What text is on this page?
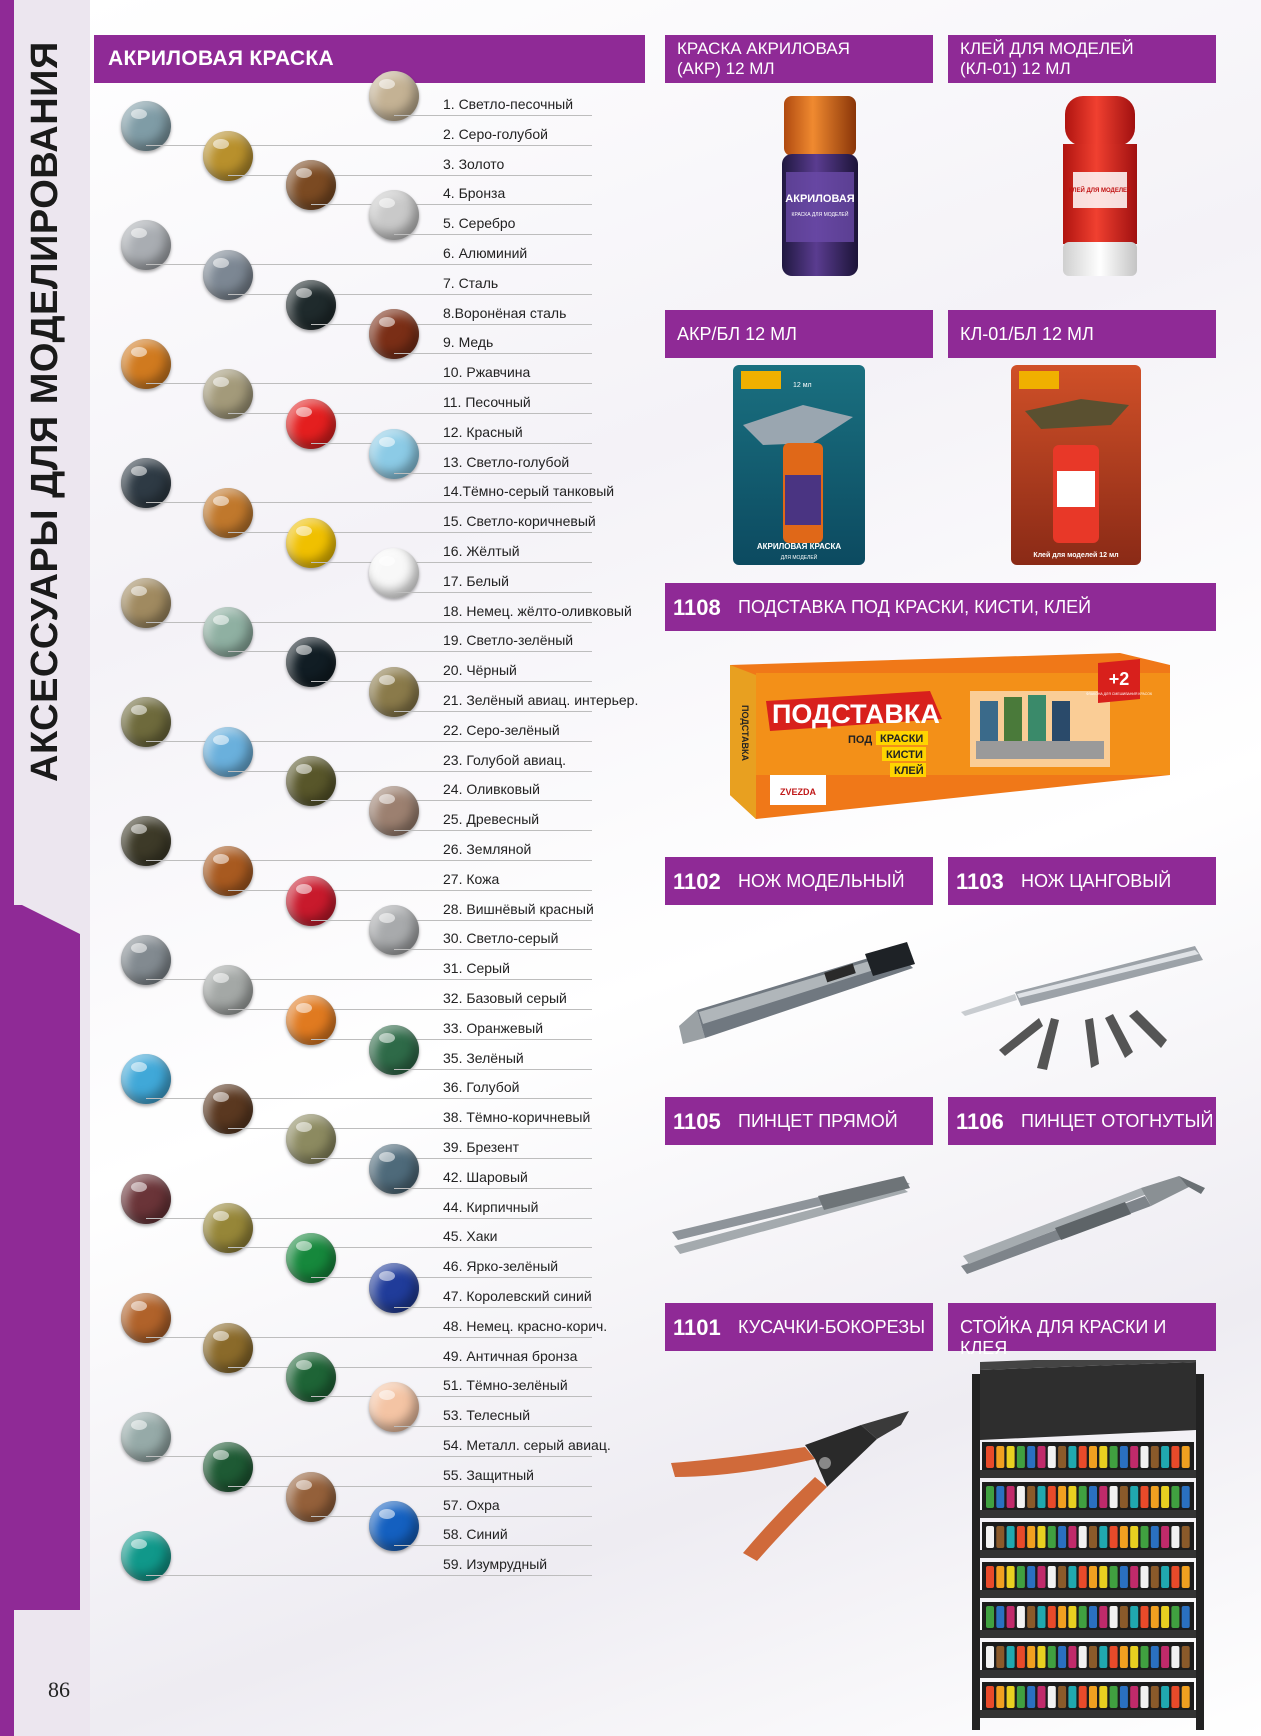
АКСЕССУАРЫ ДЛЯ МОДЕЛИРОВАНИЯ
86
АКРИЛОВАЯ КРАСКА
1. Светло-песочный
2. Серо-голубой
3. Золото
4. Бронза
5. Серебро
6. Алюминий
7. Сталь
8.Воронёная сталь
9. Медь
10. Ржавчина
11. Песочный
12. Красный
13. Светло-голубой
14.Тёмно-серый танковый
15. Светло-коричневый
16. Жёлтый
17. Белый
18. Немец. жёлто-оливковый
19. Светло-зелёный
20. Чёрный
21. Зелёный авиац. интерьер.
22. Серо-зелёный
23. Голубой авиац.
24. Оливковый
25. Древесный
26. Земляной
27. Кожа
28. Вишнёвый красный
30. Светло-серый
31. Серый
32. Базовый серый
33. Оранжевый
35. Зелёный
36. Голубой
38. Тёмно-коричневый
39. Брезент
42. Шаровый
44. Кирпичный
45. Хаки
46. Ярко-зелёный
47. Королевский синий
48. Немец. красно-корич.
49. Античная бронза
51. Тёмно-зелёный
53. Телесный
54. Металл. серый авиац.
55. Защитный
57. Охра
58. Синий
59. Изумрудный
КРАСКА АКРИЛОВАЯ
(АКР) 12 МЛ
КЛЕЙ ДЛЯ МОДЕЛЕЙ
(КЛ-01) 12 МЛ
АКР/БЛ 12 МЛ	КЛ-01/БЛ 12 МЛ
1108 ПОДСТАВКА ПОД КРАСКИ, КИСТИ, КЛЕЙ
1102 НОЖ МОДЕЛЬНЫЙ 1103 НОЖ ЦАНГОВЫЙ
1105 ПИНЦЕТ ПРЯМОЙ	1106 ПИНЦЕТ ОТОГНУТЫЙ
1101 КУСАЧКИ-БОКОРЕЗЫ СТОЙКА ДЛЯ КРАСКИ И КЛЕЯ
АКРИЛОВАЯ
КРАСКА ДЛЯ МОДЕЛЕЙ
КЛЕЙ ДЛЯ МОДЕЛЕЙ
12 мл
АКРИЛОВАЯ КРАСКА
ДЛЯ МОДЕЛЕЙ	Клей для моделей 12 мл
ПОДСТАВКА
ПОД КРАСКИ
КИСТИ
КЛЕЙ
+2
ФЛАКОНА ДЛЯ СМЕШИВАНИЯ КРАСОК
ZVEZDA
ПОДСТАВКА
